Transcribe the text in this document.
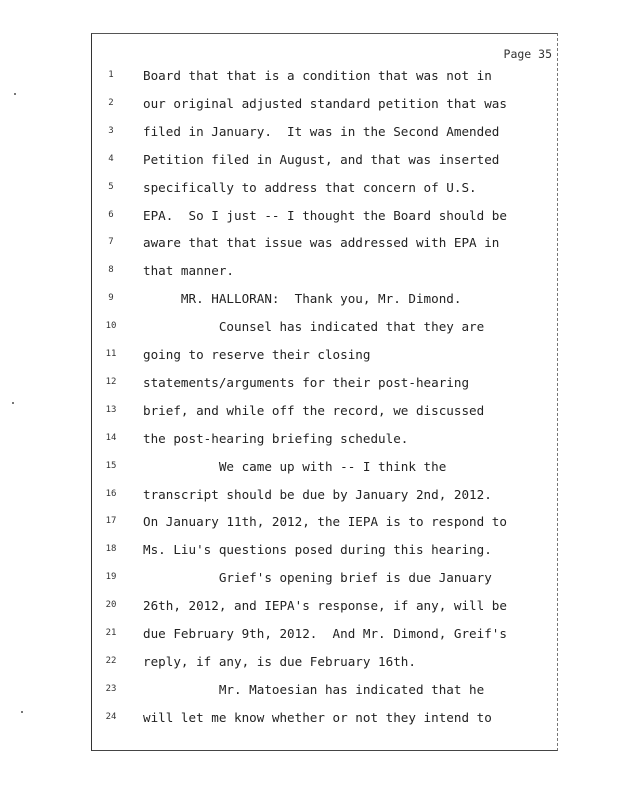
Page 35
1	Board that that is a condition that was not in
2	our original adjusted standard petition that was
3	filed in January.  It was in the Second Amended
4	Petition filed in August, and that was inserted
5	specifically to address that concern of U.S.
6	EPA.  So I just -- I thought the Board should be
7	aware that that issue was addressed with EPA in
8	that manner.
9	MR. HALLORAN:  Thank you, Mr. Dimond.
10	Counsel has indicated that they are
11	going to reserve their closing
12	statements/arguments for their post-hearing
13	brief, and while off the record, we discussed
14	the post-hearing briefing schedule.
15	We came up with -- I think the
16	transcript should be due by January 2nd, 2012.
17	On January 11th, 2012, the IEPA is to respond to
18	Ms. Liu's questions posed during this hearing.
19	Grief's opening brief is due January
20	26th, 2012, and IEPA's response, if any, will be
21	due February 9th, 2012.  And Mr. Dimond, Greif's
22	reply, if any, is due February 16th.
23	Mr. Matoesian has indicated that he
24	will let me know whether or not they intend to
